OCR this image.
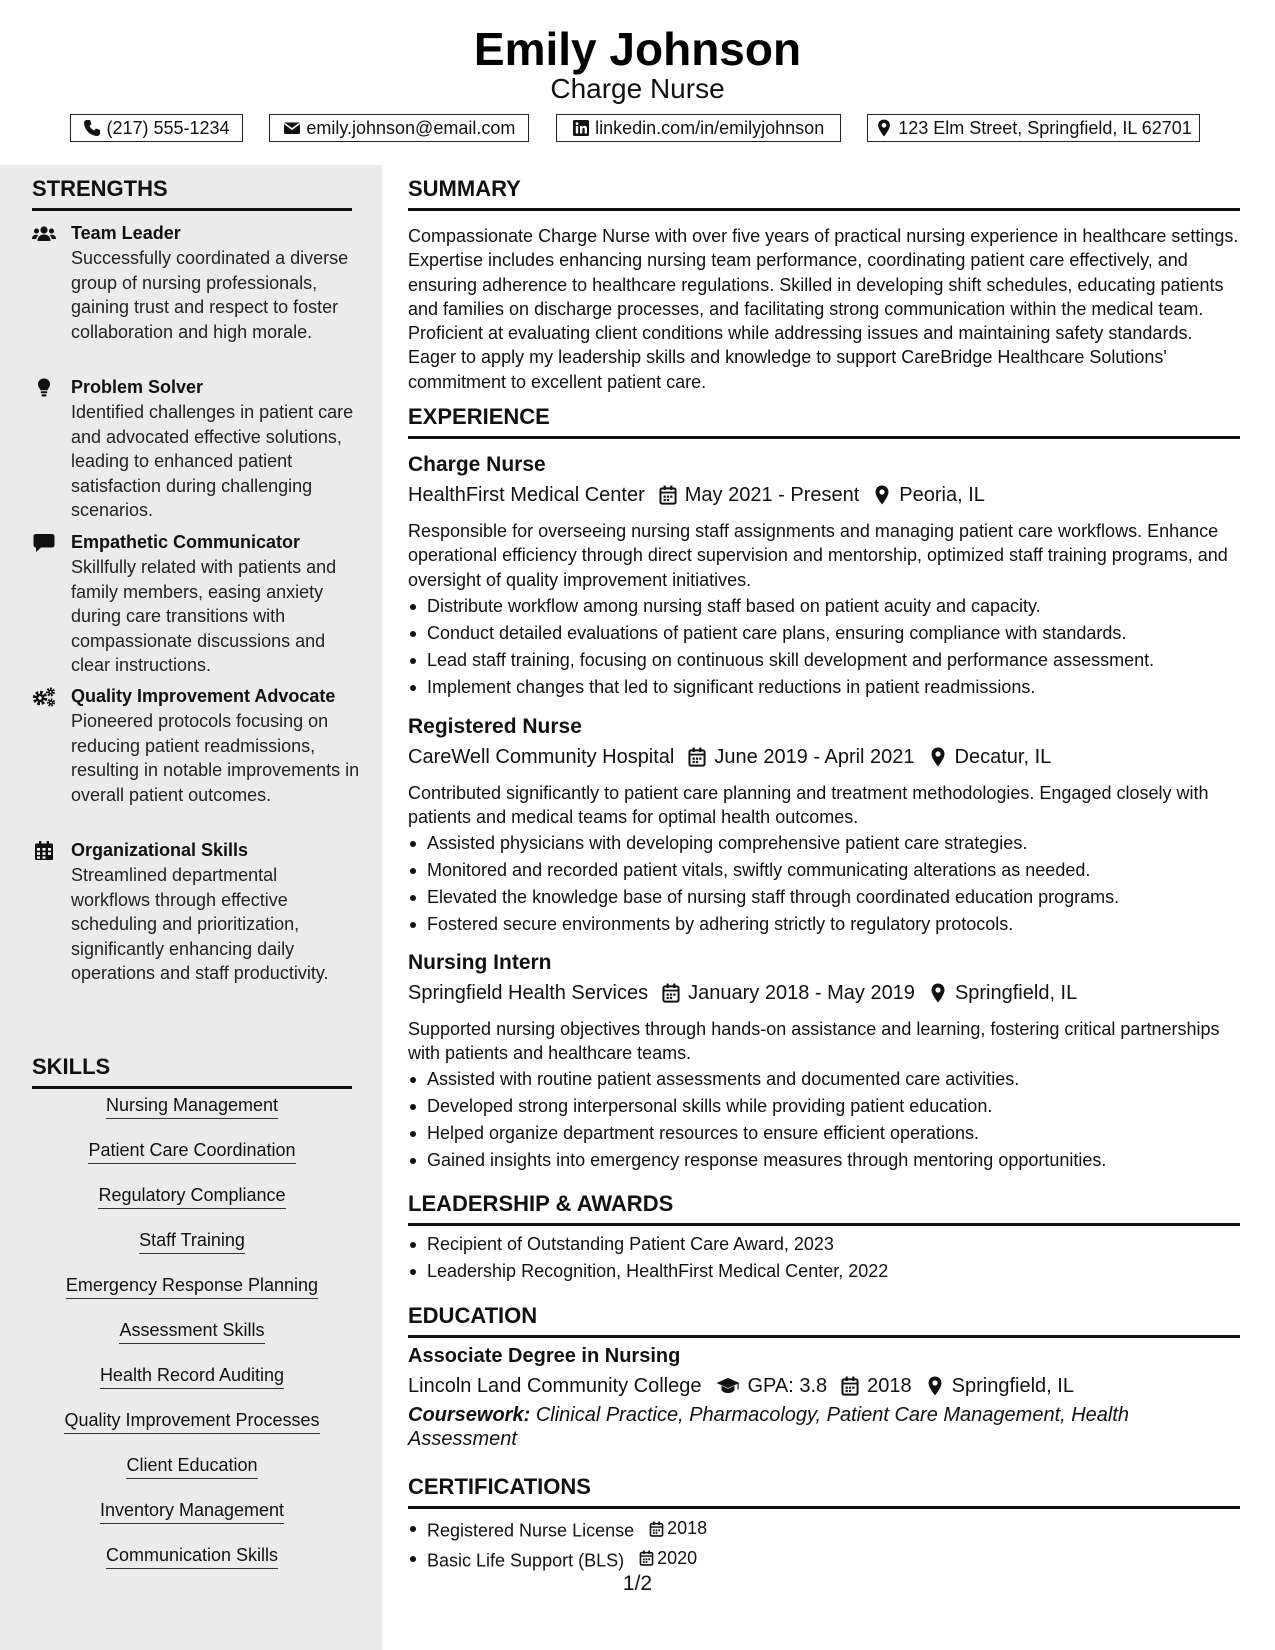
Emily Johnson
Charge Nurse
(217) 555-1234	emily.johnson@email.com	linkedin.com/in/emilyjohnson	123 Elm Street, Springfield, IL 62701
STRENGTHS
Team Leader
Successfully coordinated a diverse group of nursing professionals, gaining trust and respect to foster collaboration and high morale.
Problem Solver
Identified challenges in patient care and advocated effective solutions, leading to enhanced patient satisfaction during challenging scenarios.
Empathetic Communicator
Skillfully related with patients and family members, easing anxiety during care transitions with compassionate discussions and clear instructions.
Quality Improvement Advocate
Pioneered protocols focusing on reducing patient readmissions, resulting in notable improvements in overall patient outcomes.
Organizational Skills
Streamlined departmental workflows through effective scheduling and prioritization, significantly enhancing daily operations and staff productivity.
SKILLS
Nursing Management
Patient Care Coordination
Regulatory Compliance
Staff Training
Emergency Response Planning
Assessment Skills
Health Record Auditing
Quality Improvement Processes
Client Education
Inventory Management
Communication Skills
SUMMARY
Compassionate Charge Nurse with over five years of practical nursing experience in healthcare settings. Expertise includes enhancing nursing team performance, coordinating patient care effectively, and ensuring adherence to healthcare regulations. Skilled in developing shift schedules, educating patients and families on discharge processes, and facilitating strong communication within the medical team. Proficient at evaluating client conditions while addressing issues and maintaining safety standards. Eager to apply my leadership skills and knowledge to support CareBridge Healthcare Solutions' commitment to excellent patient care.
EXPERIENCE
Charge Nurse
HealthFirst Medical Center May 2021 - Present Peoria, IL
Responsible for overseeing nursing staff assignments and managing patient care workflows. Enhance operational efficiency through direct supervision and mentorship, optimized staff training programs, and oversight of quality improvement initiatives.
Distribute workflow among nursing staff based on patient acuity and capacity.
Conduct detailed evaluations of patient care plans, ensuring compliance with standards.
Lead staff training, focusing on continuous skill development and performance assessment.
Implement changes that led to significant reductions in patient readmissions.
Registered Nurse
CareWell Community Hospital June 2019 - April 2021 Decatur, IL
Contributed significantly to patient care planning and treatment methodologies. Engaged closely with patients and medical teams for optimal health outcomes.
Assisted physicians with developing comprehensive patient care strategies.
Monitored and recorded patient vitals, swiftly communicating alterations as needed.
Elevated the knowledge base of nursing staff through coordinated education programs.
Fostered secure environments by adhering strictly to regulatory protocols.
Nursing Intern
Springfield Health Services January 2018 - May 2019 Springfield, IL
Supported nursing objectives through hands-on assistance and learning, fostering critical partnerships with patients and healthcare teams.
Assisted with routine patient assessments and documented care activities.
Developed strong interpersonal skills while providing patient education.
Helped organize department resources to ensure efficient operations.
Gained insights into emergency response measures through mentoring opportunities.
LEADERSHIP & AWARDS
Recipient of Outstanding Patient Care Award, 2023
Leadership Recognition, HealthFirst Medical Center, 2022
EDUCATION
Associate Degree in Nursing
Lincoln Land Community College GPA: 3.8 2018 Springfield, IL
Coursework: Clinical Practice, Pharmacology, Patient Care Management, Health Assessment
CERTIFICATIONS
Registered Nurse License 2018
Basic Life Support (BLS) 2020
1/2
